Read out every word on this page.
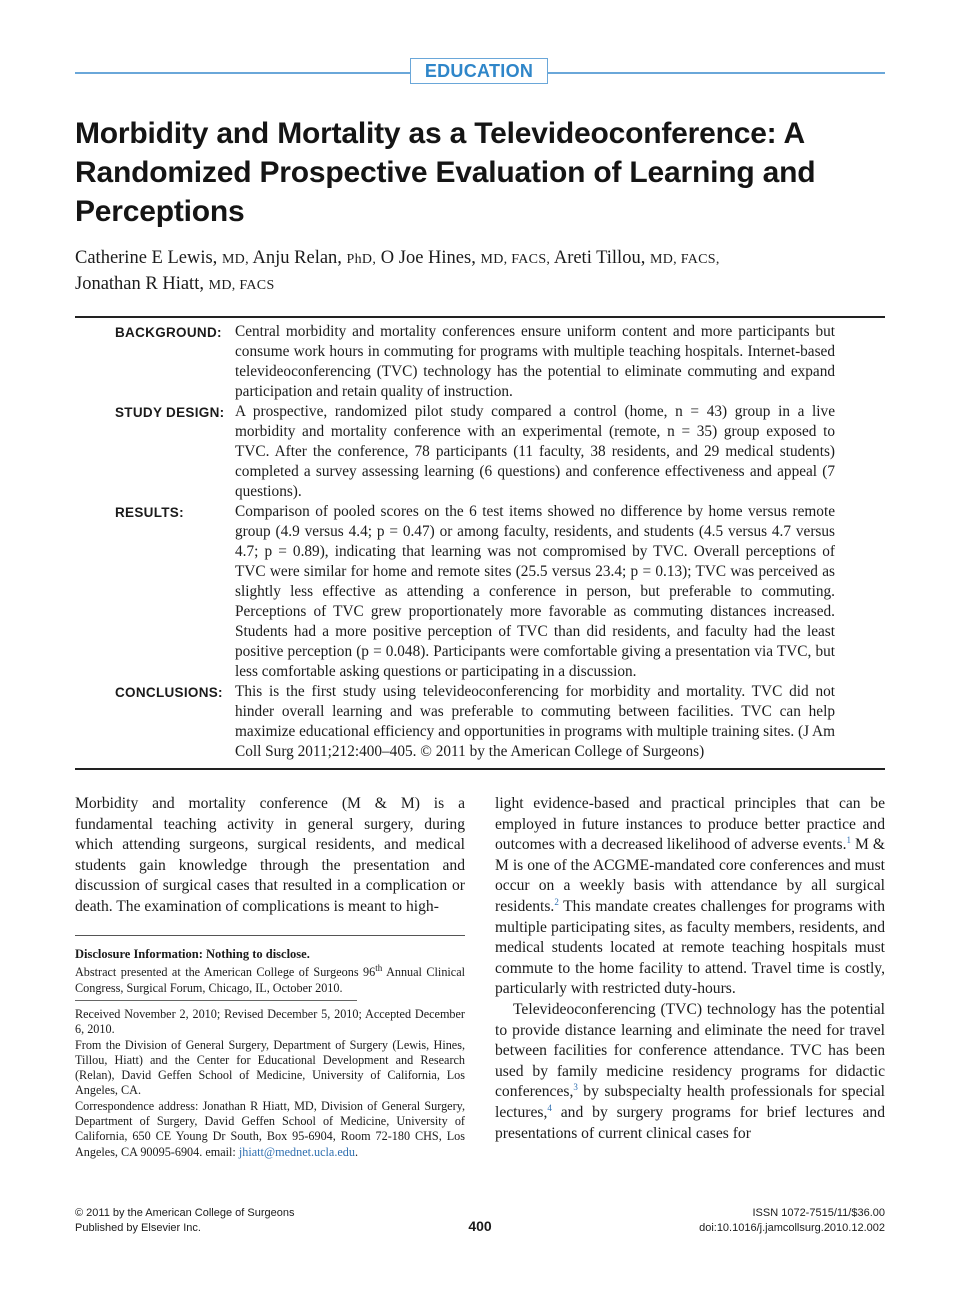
EDUCATION
Morbidity and Mortality as a Televideoconference: A Randomized Prospective Evaluation of Learning and Perceptions
Catherine E Lewis, MD, Anju Relan, PhD, O Joe Hines, MD, FACS, Areti Tillou, MD, FACS,
Jonathan R Hiatt, MD, FACS
BACKGROUND: Central morbidity and mortality conferences ensure uniform content and more participants but consume work hours in commuting for programs with multiple teaching hospitals. Internet-based televideoconferencing (TVC) technology has the potential to eliminate commuting and expand participation and retain quality of instruction.
STUDY DESIGN: A prospective, randomized pilot study compared a control (home, n = 43) group in a live morbidity and mortality conference with an experimental (remote, n = 35) group exposed to TVC. After the conference, 78 participants (11 faculty, 38 residents, and 29 medical students) completed a survey assessing learning (6 questions) and conference effectiveness and appeal (7 questions).
RESULTS:	Comparison of pooled scores on the 6 test items showed no difference by home versus remote group (4.9 versus 4.4; p = 0.47) or among faculty, residents, and students (4.5 versus 4.7 versus 4.7; p = 0.89), indicating that learning was not compromised by TVC. Overall perceptions of TVC were similar for home and remote sites (25.5 versus 23.4; p = 0.13); TVC was perceived as slightly less effective as attending a conference in person, but preferable to commuting. Perceptions of TVC grew proportionately more favorable as commuting distances increased. Students had a more positive perception of TVC than did residents, and faculty had the least positive perception (p = 0.048). Participants were comfortable giving a presentation via TVC, but less comfortable asking questions or participating in a discussion.
CONCLUSIONS: This is the first study using televideoconferencing for morbidity and mortality. TVC did not hinder overall learning and was preferable to commuting between facilities. TVC can help maximize educational efficiency and opportunities in programs with multiple training sites. (J Am Coll Surg 2011;212:400–405. © 2011 by the American College of Surgeons)

Morbidity and mortality conference (M & M) is a fundamental teaching activity in general surgery, during which attending surgeons, surgical residents, and medical students gain knowledge through the presentation and discussion of surgical cases that resulted in a complication or death. The examination of complications is meant to high-

Disclosure Information: Nothing to disclose.

Abstract presented at the American College of Surgeons 96th Annual Clinical Congress, Surgical Forum, Chicago, IL, October 2010.

Received November 2, 2010; Revised December 5, 2010; Accepted December 6, 2010.

From the Division of General Surgery, Department of Surgery (Lewis, Hines, Tillou, Hiatt) and the Center for Educational Development and Research (Relan), David Geffen School of Medicine, University of California, Los Angeles, CA.

Correspondence address: Jonathan R Hiatt, MD, Division of General Surgery, Department of Surgery, David Geffen School of Medicine, University of California, 650 CE Young Dr South, Box 95-6904, Room 72-180 CHS, Los Angeles, CA 90095-6904. email: jhiatt@mednet.ucla.edu.

light evidence-based and practical principles that can be employed in future instances to produce better practice and outcomes with a decreased likelihood of adverse events.$^1$ M & M is one of the ACGME-mandated core conferences and must occur on a weekly basis with attendance by all surgical residents.$^2$ This mandate creates challenges for programs with multiple participating sites, as faculty members, residents, and medical students located at remote teaching hospitals must commute to the home facility to attend. Travel time is costly, particularly with restricted duty-hours.

Televideoconferencing (TVC) technology has the potential to provide distance learning and eliminate the need for travel between facilities for conference attendance. TVC has been used by family medicine residency programs for didactic conferences,$^3$ by subspecialty health professionals for special lectures,$^4$ and by surgery programs for brief lectures and presentations of current clinical cases for

© 2011 by the American College of Surgeons
Published by Elsevier Inc.	400
ISSN 1072-7515/11/$36.00
doi:10.1016/j.jamcollsurg.2010.12.002
